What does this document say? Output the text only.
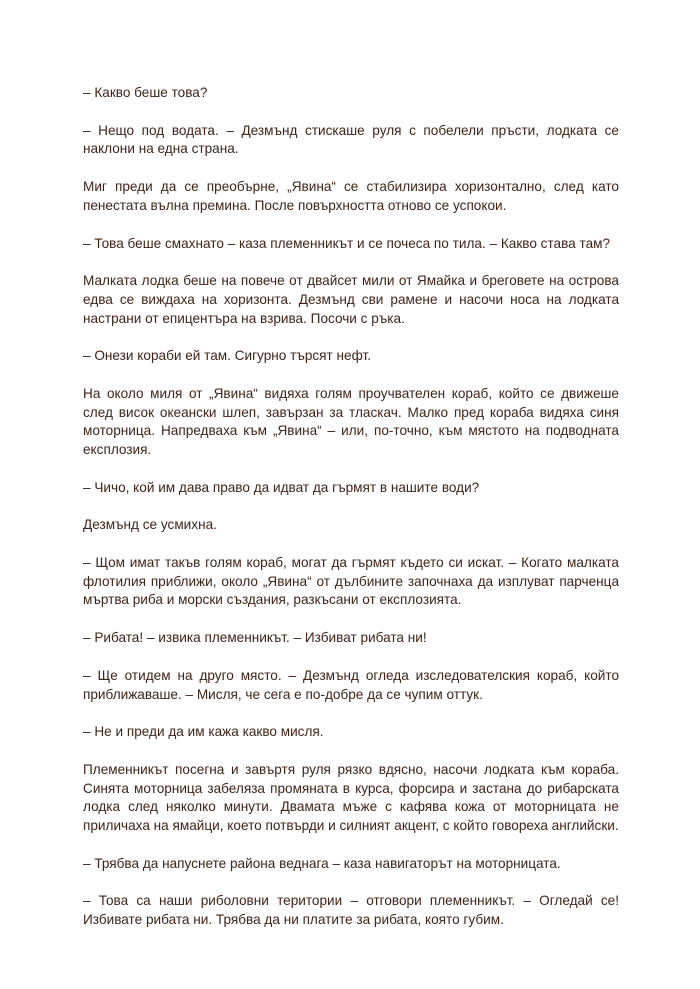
– Какво беше това?

– Нещо под водата. – Дезмънд стискаше руля с побелели пръсти, лодката се наклони на една страна.

Миг преди да се преобърне, „Явина“ се стабилизира хоризонтално, след като пенестата вълна премина. После повърхността отново се успокои.

– Това беше смахнато – каза племенникът и се почеса по тила. – Какво става там?

Малката лодка беше на повече от двайсет мили от Ямайка и бреговете на острова едва се виждаха на хоризонта. Дезмънд сви рамене и насочи носа на лодката настрани от епицентъра на взрива. Посочи с ръка.

– Онези кораби ей там. Сигурно търсят нефт.

На около миля от „Явина“ видяха голям проучвателен кораб, който се движеше след висок океански шлеп, завързан за тласкач. Малко пред кораба видяха синя моторница. Напредваха към „Явина“ – или, по-точно, към мястото на подводната експлозия.

– Чичо, кой им дава право да идват да гърмят в нашите води?

Дезмънд се усмихна.

– Щом имат такъв голям кораб, могат да гърмят където си искат. – Когато малката флотилия приближи, около „Явина“ от дълбините започнаха да изплуват парченца мъртва риба и морски създания, разкъсани от експлозията.

– Рибата! – извика племенникът. – Избиват рибата ни!

– Ще отидем на друго място. – Дезмънд огледа изследователския кораб, който приближаваше. – Мисля, че сега е по-добре да се чупим оттук.

– Не и преди да им кажа какво мисля.

Племенникът посегна и завъртя руля рязко вдясно, насочи лодката към кораба. Синята моторница забеляза промяната в курса, форсира и застана до рибарската лодка след няколко минути. Двамата мъже с кафява кожа от моторницата не приличаха на ямайци, което потвърди и силният акцент, с който говореха английски.

– Трябва да напуснете района веднага – каза навигаторът на моторницата.

– Това са наши риболовни територии – отговори племенникът. – Огледай се! Избивате рибата ни. Трябва да ни платите за рибата, която губим.
